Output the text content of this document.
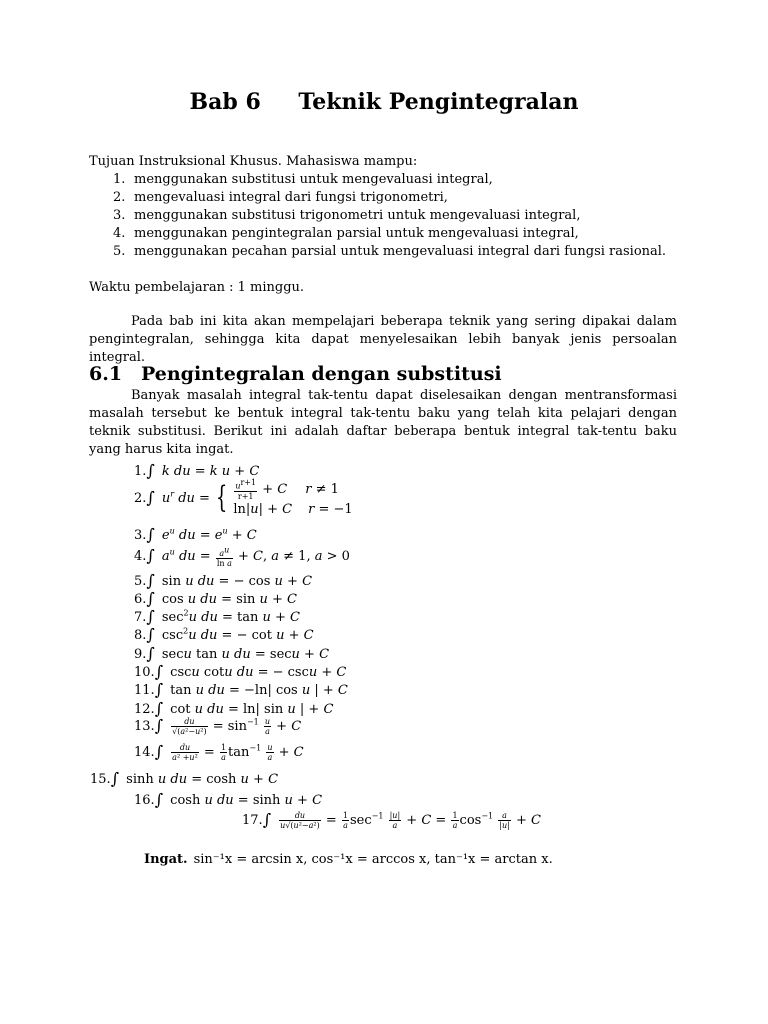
Bab 6 Teknik Pengintegralan
Tujuan Instruksional Khusus. Mahasiswa mampu:
1. menggunakan substitusi untuk mengevaluasi integral,
2. mengevaluasi integral dari fungsi trigonometri,
3. menggunakan substitusi trigonometri untuk mengevaluasi integral,
4. menggunakan pengintegralan parsial untuk mengevaluasi integral,
5. menggunakan pecahan parsial untuk mengevaluasi integral dari fungsi rasional.
Waktu pembelajaran : 1 minggu.
Pada bab ini kita akan mempelajari beberapa teknik yang sering dipakai dalam pengintegralan, sehingga kita dapat menyelesaikan lebih banyak jenis persoalan integral.
6.1 Pengintegralan dengan substitusi
Banyak masalah integral tak-tentu dapat diselesaikan dengan mentransformasi masalah tersebut ke bentuk integral tak-tentu baku yang telah kita pelajari dengan teknik substitusi. Berikut ini adalah daftar beberapa bentuk integral tak-tentu baku yang harus kita ingat.
1.∫ k du = k u + C
2.∫ $u^r$ du = { $\frac{u^{r+1}}{r+1} + C$ r ≠ 1
ln|u| + C r = −1
3.∫ $e^u$ du = $e^u + C$
4.∫ $a^u$ du = $\frac{a^u}{\text{ln a}} + C$, a ≠ 1, a > 0
5.∫ sin u du = − cos u + C
6.∫ cos u du = sin u + C
7.∫ $\sec^2u$ du = tan u + C
8.∫ $\csc^2u$ du = − cot u + C
9.∫ secu tan u du = secu + C
10.∫ cscu cotu du = − cscu + C
11.∫ tan u du = −ln| cos u | + C
12.∫ cot u du = ln| sin u | + C
$13.\int \frac{du}{\text{√(a²−u²)}} = \sin^{-1} \frac{u}{a} + C$
$14.\int \frac{du}{\text{a² +u²}} = \frac{1}{a} \tan^{-1} \frac{u}{a} + C$
15.∫ sinh u du = cosh u + C
16.∫ cosh u du = sinh u + C
$17.\int \frac{du}{\text{u√(u²−a²)}} = \frac{1}{a} \sec^{-1} \frac{|u|}{a} + C = \frac{1}{a} \cos^{-1} \frac{a}{|u|} + C$
Ingat. sin⁻¹x = arcsin x, cos⁻¹x = arccos x, tan⁻¹x = arctan x.
